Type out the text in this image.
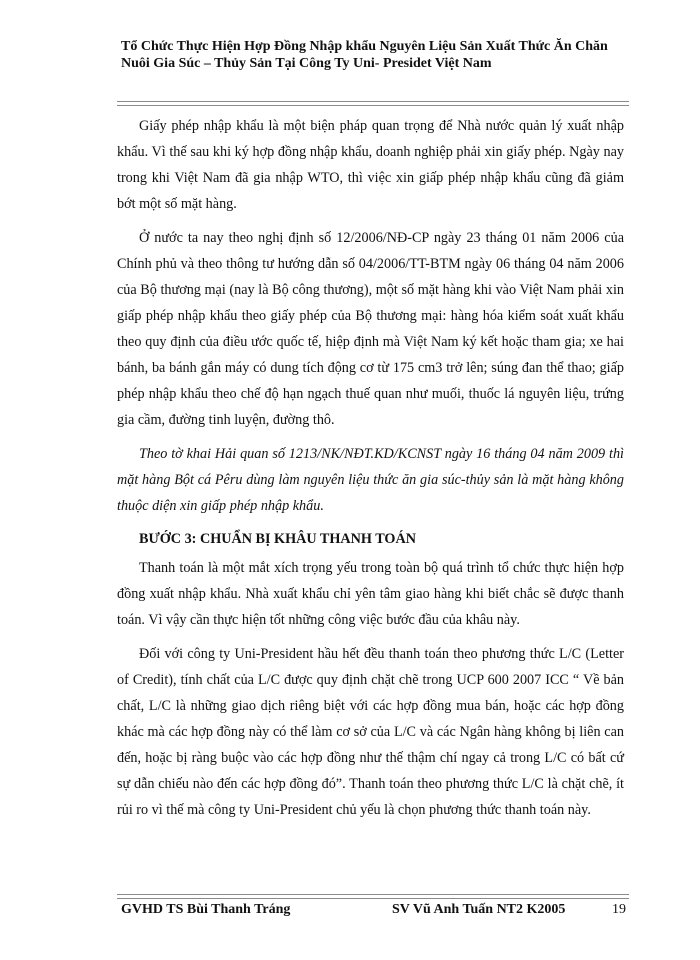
Tổ Chức Thực Hiện Hợp Đồng Nhập khẩu Nguyên Liệu Sản Xuất Thức Ăn Chăn Nuôi Gia Súc – Thủy Sản Tại Công Ty Uni- Presidet Việt Nam

Giấy phép nhập khẩu là một biện pháp quan trọng để Nhà nước quản lý xuất nhập khẩu. Vì thế sau khi ký hợp đồng nhập khẩu, doanh nghiệp phải xin giấy phép. Ngày nay trong khi Việt Nam đã gia nhập WTO, thì việc xin giấp phép nhập khẩu cũng đã giảm bớt một số mặt hàng.

Ở nước ta nay theo nghị định số 12/2006/NĐ-CP ngày 23 tháng 01 năm 2006 của Chính phủ và theo thông tư hướng dẫn số 04/2006/TT-BTM ngày 06 tháng 04 năm 2006 của Bộ thương mại (nay là Bộ công thương), một số mặt hàng khi vào Việt Nam phải xin giấp phép nhập khẩu theo giấy phép của Bộ thương mại: hàng hóa kiểm soát xuất khẩu theo quy định của điều ước quốc tế, hiệp định mà Việt Nam ký kết hoặc tham gia; xe hai bánh, ba bánh gắn máy có dung tích động cơ từ 175 cm3 trở lên; súng đan thể thao; giấp phép nhập khẩu theo chế độ hạn ngạch thuế quan như muối, thuốc lá nguyên liệu, trứng gia cầm, đường tinh luyện, đường thô.

Theo tờ khai Hải quan số 1213/NK/NĐT.KD/KCNST ngày 16 tháng 04 năm 2009 thì mặt hàng Bột cá Pêru dùng làm nguyên liệu thức ăn gia súc-thủy sản là mặt hàng không thuộc diện xin giấp phép nhập khẩu.

BƯỚC 3: CHUẨN BỊ KHÂU THANH TOÁN

Thanh toán là một mắt xích trọng yếu trong toàn bộ quá trình tổ chức thực hiện hợp đồng xuất nhập khẩu. Nhà xuất khẩu chỉ yên tâm giao hàng khi biết chắc sẽ được thanh toán. Vì vậy cần thực hiện tốt những công việc bước đầu của khâu này.

Đối với công ty Uni-President hầu hết đều thanh toán theo phương thức L/C (Letter of Credit), tính chất của L/C được quy định chặt chẽ trong UCP 600 2007 ICC “ Về bản chất, L/C là những giao dịch riêng biệt với các hợp đồng mua bán, hoặc các hợp đồng khác mà các hợp đồng này có thể làm cơ sở của L/C và các Ngân hàng không bị liên can đến, hoặc bị ràng buộc vào các hợp đồng như thế thậm chí ngay cả trong L/C có bất cứ sự dẫn chiếu nào đến các hợp đồng đó”. Thanh toán theo phương thức L/C là chặt chẽ, ít rủi ro vì thế mà công ty Uni-President chủ yếu là chọn phương thức thanh toán này.

GVHD TS Bùi Thanh Tráng	SV Vũ Anh Tuấn NT2 K2005	19
